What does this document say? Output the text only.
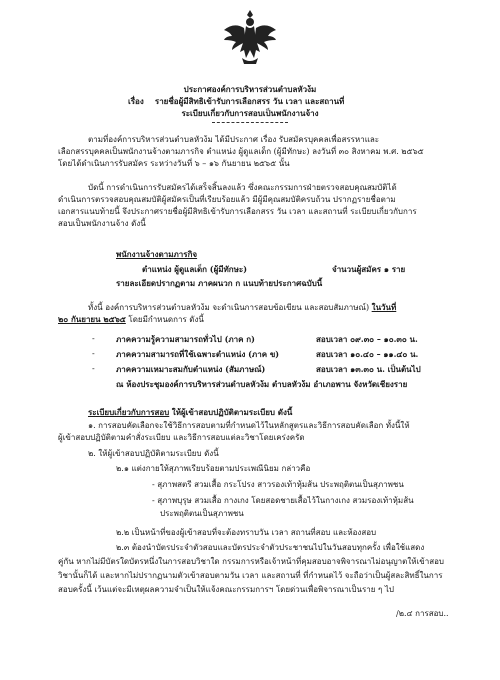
ประกาศองค์การบริหารส่วนตำบลหัวง้ม
เรื่อง รายชื่อผู้มีสิทธิเข้ารับการเลือกสรร วัน เวลา และสถานที่
ระเบียบเกี่ยวกับการสอบเป็นพนักงานจ้าง
ตามที่องค์การบริหารส่วนตำบลหัวง้ม ได้มีประกาศ เรื่อง รับสมัครบุคคลเพื่อสรรหาและ
เลือกสรรบุคคลเป็นพนักงานจ้างตามภารกิจ ตำแหน่ง ผู้ดูแลเด็ก (ผู้มีทักษะ) ลงวันที่ ๓๐ สิงหาคม พ.ศ. ๒๕๖๕
โดยได้ดำเนินการรับสมัคร ระหว่างวันที่ ๖ – ๑๖ กันยายน ๒๕๖๕ นั้น
บัดนี้ การดำเนินการรับสมัครได้เสร็จสิ้นลงแล้ว ซึ่งคณะกรรมการฝ่ายตรวจสอบคุณสมบัติได้
ดำเนินการตรวจสอบคุณสมบัติผู้สมัครเป็นที่เรียบร้อยแล้ว มีผู้มีคุณสมบัติครบถ้วน ปรากฏรายชื่อตาม
เอกสารแนบท้ายนี้ จึงประกาศรายชื่อผู้มีสิทธิเข้ารับการเลือกสรร วัน เวลา และสถานที่ ระเบียบเกี่ยวกับการ
สอบเป็นพนักงานจ้าง ดังนี้
พนักงานจ้างตามภารกิจ
ตำแหน่ง ผู้ดูแลเด็ก (ผู้มีทักษะ)	จำนวนผู้สมัคร ๑ ราย
รายละเอียดปรากฏตาม ภาคผนวก ก แนบท้ายประกาศฉบับนี้
ทั้งนี้ องค์การบริหารส่วนตำบลหัวง้ม จะดำเนินการสอบข้อเขียน และสอบสัมภาษณ์) ในวันที่
๒๐ กันยายน ๒๕๖๕ โดยมีกำหนดการ ดังนี้
-	ภาคความรู้ความสามารถทั่วไป (ภาค ก)	สอบเวลา ๐๙.๓๐ – ๑๐.๓๐ น.
-	ภาคความสามารถที่ใช้เฉพาะตำแหน่ง (ภาค ข)	สอบเวลา ๑๐.๔๐ – ๑๑.๔๐ น.
-	ภาคความเหมาะสมกับตำแหน่ง (สัมภาษณ์)	สอบเวลา ๑๓.๓๐ น. เป็นต้นไป
ณ ห้องประชุมองค์การบริหารส่วนตำบลหัวง้ม ตำบลหัวง้ม อำเภอพาน จังหวัดเชียงราย
ระเบียบเกี่ยวกับการสอบ ให้ผู้เข้าสอบปฏิบัติตามระเบียบ ดังนี้
๑. การสอบคัดเลือกจะใช้วิธีการสอบตามที่กำหนดไว้ในหลักสูตรและวิธีการสอบคัดเลือก ทั้งนี้ให้
ผู้เข้าสอบปฏิบัติตามคำสั่งระเบียบ และวิธีการสอบแต่ละวิชาโดยเคร่งครัด
๒. ให้ผู้เข้าสอบปฏิบัติตามระเบียบ ดังนี้
๒.๑ แต่งกายให้สุภาพเรียบร้อยตามประเพณีนิยม กล่าวคือ
- สุภาพสตรี สวมเสื้อ กระโปรง สาวรองเท้าหุ้มส้น ประพฤติตนเป็นสุภาพชน
- สุภาพบุรุษ สวมเสื้อ กางเกง โดยสอดชายเสื้อไว้ในกางเกง สวมรองเท้าหุ้มส้น
ประพฤติตนเป็นสุภาพชน
๒.๒ เป็นหน้าที่ของผู้เข้าสอบที่จะต้องทราบวัน เวลา สถานที่สอบ และห้องสอบ
๒.๓ ต้องนำบัตรประจำตัวสอบและบัตรประจำตัวประชาชนไปในวันสอบทุกครั้ง เพื่อใช้แสดง
คู่กัน หากไม่มีบัตรใดบัตรหนึ่งในการสอบวิชาใด กรรมการหรือเจ้าหน้าที่คุมสอบอาจพิจารณาไม่อนุญาตให้เข้าสอบ
วิชานั้นก็ได้ และหากไม่ปรากฏนามตัวเข้าสอบตามวัน เวลา และสถานที่ ที่กำหนดไว้ จะถือว่าเป็นผู้สละสิทธิ์ในการ
สอบครั้งนี้ เว้นแต่จะมีเหตุผลความจำเป็นให้แจ้งคณะกรรมการฯ โดยด่วนเพื่อพิจารณาเป็นราย ๆ ไป
/๒.๔ การสอบ..
